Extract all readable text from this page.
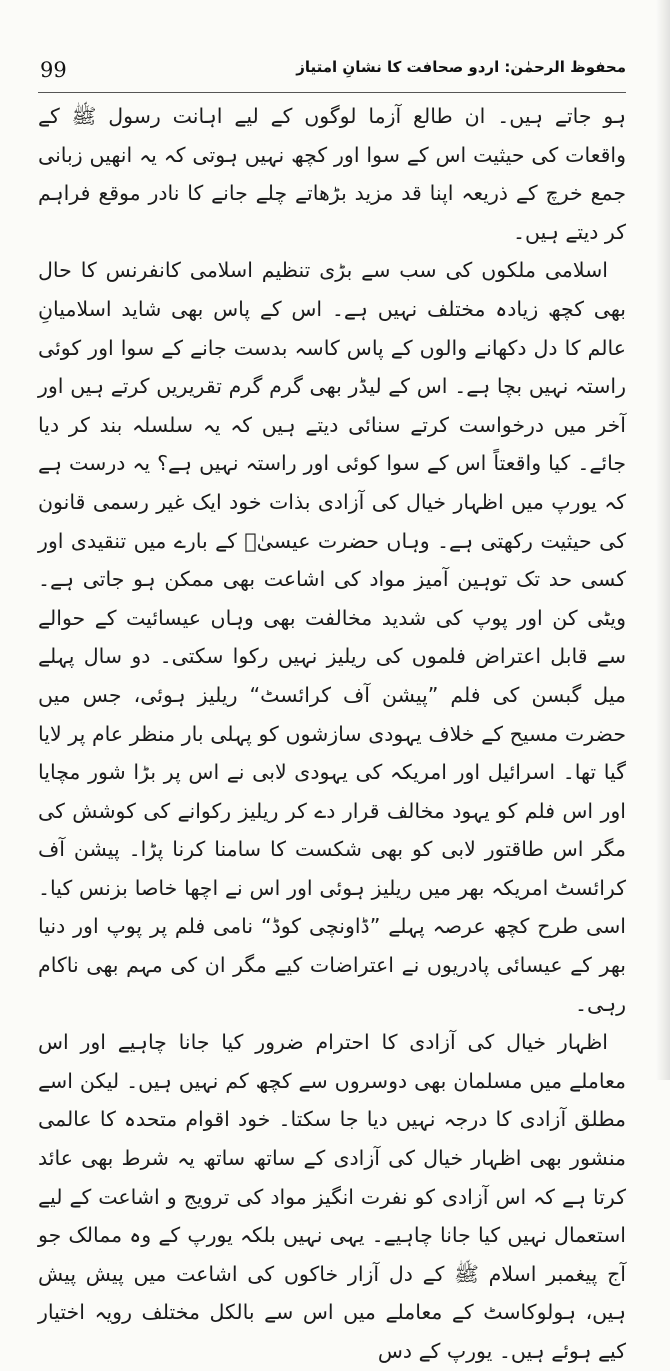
99	محفوظ الرحمٰن: اردو صحافت کا نشانِ امتیاز

ہو جاتے ہیں۔ ان طالع آزما لوگوں کے لیے اہانت رسول ﷺ کے واقعات کی حیثیت اس کے سوا اور کچھ نہیں ہوتی کہ یہ انھیں زبانی جمع خرچ کے ذریعہ اپنا قد مزید بڑھاتے چلے جانے کا نادر موقع فراہم کر دیتے ہیں۔

اسلامی ملکوں کی سب سے بڑی تنظیم اسلامی کانفرنس کا حال بھی کچھ زیادہ مختلف نہیں ہے۔ اس کے پاس بھی شاید اسلامیانِ عالم کا دل دکھانے والوں کے پاس کاسہ بدست جانے کے سوا اور کوئی راستہ نہیں بچا ہے۔ اس کے لیڈر بھی گرم گرم تقریریں کرتے ہیں اور آخر میں درخواست کرتے سنائی دیتے ہیں کہ یہ سلسلہ بند کر دیا جائے۔ کیا واقعتاً اس کے سوا کوئی اور راستہ نہیں ہے؟ یہ درست ہے کہ یورپ میں اظہار خیال کی آزادی بذات خود ایک غیر رسمی قانون کی حیثیت رکھتی ہے۔ وہاں حضرت عیسیٰؑ کے بارے میں تنقیدی اور کسی حد تک توہین آمیز مواد کی اشاعت بھی ممکن ہو جاتی ہے۔ ویٹی کن اور پوپ کی شدید مخالفت بھی وہاں عیسائیت کے حوالے سے قابل اعتراض فلموں کی ریلیز نہیں رکوا سکتی۔ دو سال پہلے میل گبسن کی فلم ”پیشن آف کرائسٹ“ ریلیز ہوئی، جس میں حضرت مسیح کے خلاف یہودی سازشوں کو پہلی بار منظر عام پر لایا گیا تھا۔ اسرائیل اور امریکہ کی یہودی لابی نے اس پر بڑا شور مچایا اور اس فلم کو یہود مخالف قرار دے کر ریلیز رکوانے کی کوشش کی مگر اس طاقتور لابی کو بھی شکست کا سامنا کرنا پڑا۔ پیشن آف کرائسٹ امریکہ بھر میں ریلیز ہوئی اور اس نے اچھا خاصا بزنس کیا۔ اسی طرح کچھ عرصہ پہلے ”ڈاونچی کوڈ“ نامی فلم پر پوپ اور دنیا بھر کے عیسائی پادریوں نے اعتراضات کیے مگر ان کی مہم بھی ناکام رہی۔

اظہار خیال کی آزادی کا احترام ضرور کیا جانا چاہیے اور اس معاملے میں مسلمان بھی دوسروں سے کچھ کم نہیں ہیں۔ لیکن اسے مطلق آزادی کا درجہ نہیں دیا جا سکتا۔ خود اقوام متحدہ کا عالمی منشور بھی اظہار خیال کی آزادی کے ساتھ ساتھ یہ شرط بھی عائد کرتا ہے کہ اس آزادی کو نفرت انگیز مواد کی ترویج و اشاعت کے لیے استعمال نہیں کیا جانا چاہیے۔ یہی نہیں بلکہ یورپ کے وہ ممالک جو آج پیغمبر اسلام ﷺ کے دل آزار خاکوں کی اشاعت میں پیش پیش ہیں، ہولوکاسٹ کے معاملے میں اس سے بالکل مختلف رویہ اختیار کیے ہوئے ہیں۔ یورپ کے دس
